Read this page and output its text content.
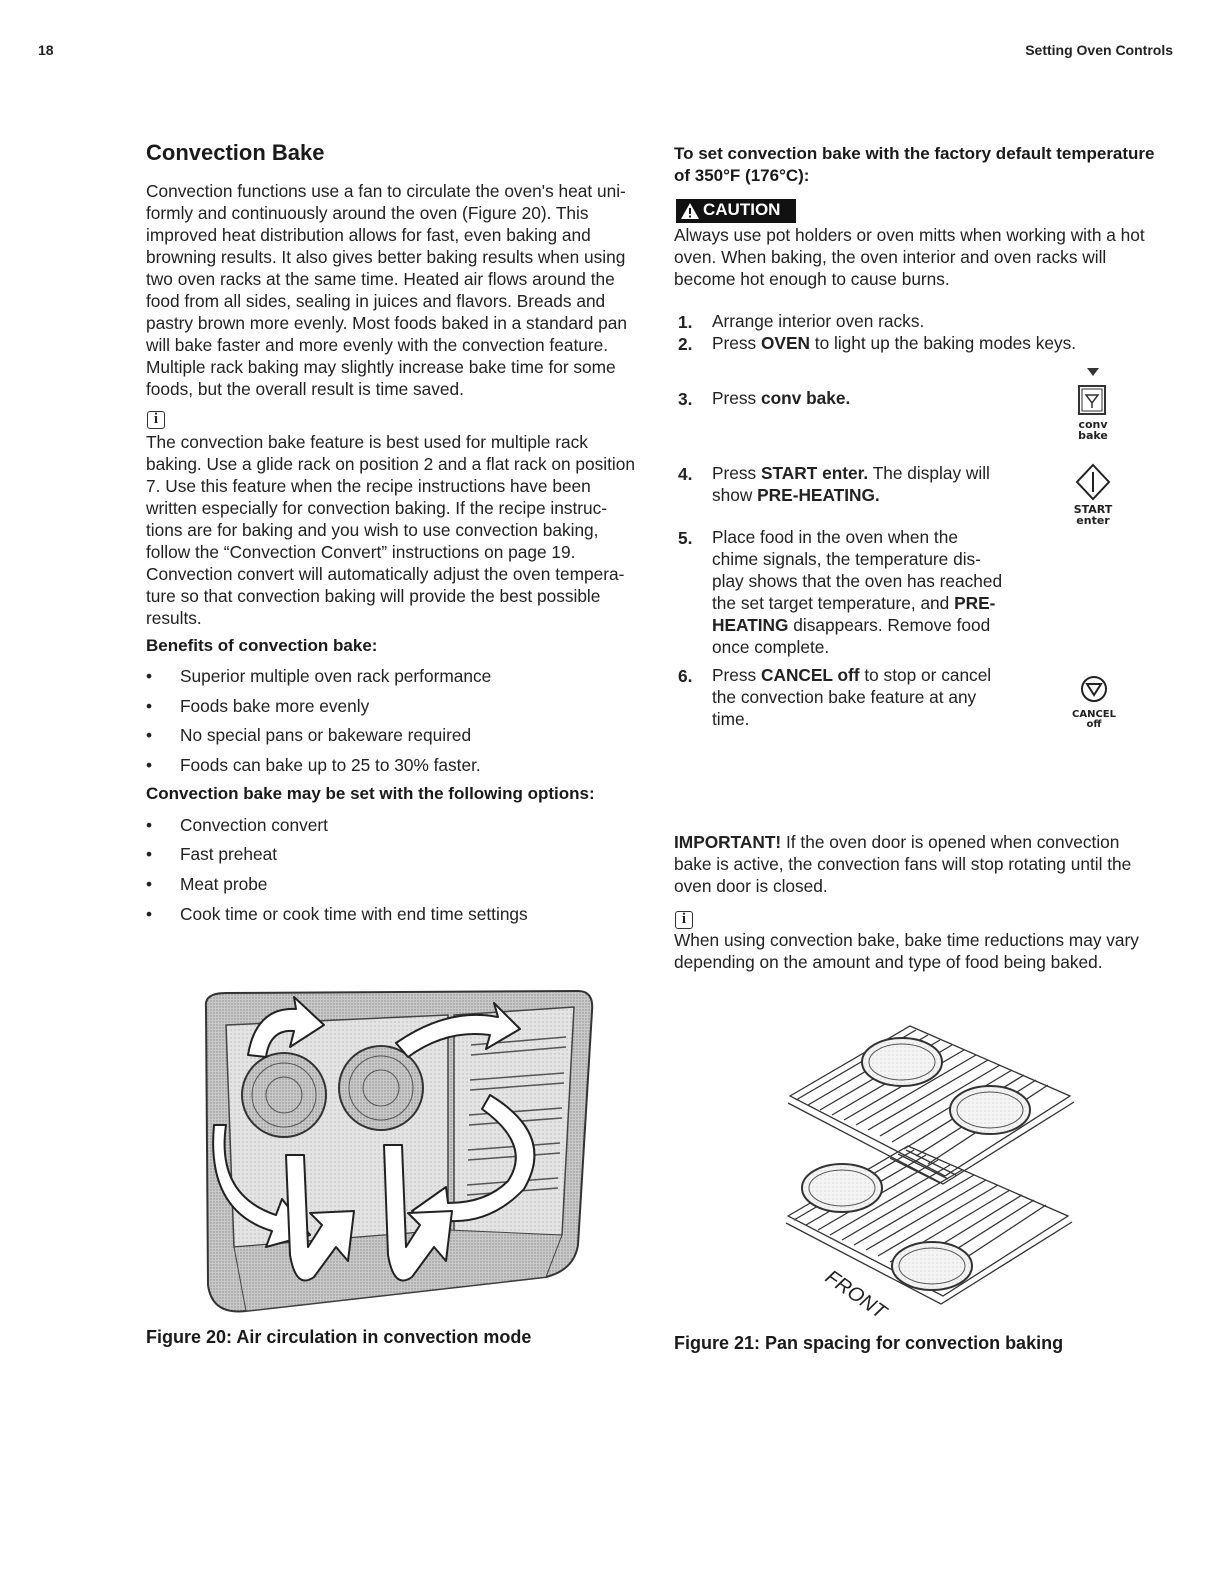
18	Setting Oven Controls
Convection Bake
Convection functions use a fan to circulate the oven's heat uni-
formly and continuously around the oven (Figure 20). This
improved heat distribution allows for fast, even baking and
browning results. It also gives better baking results when using
two oven racks at the same time. Heated air flows around the
food from all sides, sealing in juices and flavors. Breads and
pastry brown more evenly. Most foods baked in a standard pan
will bake faster and more evenly with the convection feature.
Multiple rack baking may slightly increase bake time for some
foods, but the overall result is time saved.
i
The convection bake feature is best used for multiple rack
baking. Use a glide rack on position 2 and a flat rack on position
7. Use this feature when the recipe instructions have been
written especially for convection baking. If the recipe instruc-
tions are for baking and you wish to use convection baking,
follow the “Convection Convert” instructions on page 19.
Convection convert will automatically adjust the oven tempera-
ture so that convection baking will provide the best possible
results.
Benefits of convection bake:
• Superior multiple oven rack performance
• Foods bake more evenly
• No special pans or bakeware required
• Foods can bake up to 25 to 30% faster.
Convection bake may be set with the following options:
• Convection convert
• Fast preheat
• Meat probe
• Cook time or cook time with end time settings
Figure 20: Air circulation in convection mode
To set convection bake with the factory default temperature
of 350°F (176°C):
CAUTION
Always use pot holders or oven mitts when working with a hot
oven. When baking, the oven interior and oven racks will
become hot enough to cause burns.
1. Arrange interior oven racks.
2. Press OVEN to light up the baking modes keys.
3. Press conv bake.
4. Press START enter. The display will
show PRE-HEATING.
5. Place food in the oven when the
chime signals, the temperature dis-
play shows that the oven has reached
the set target temperature, and PRE-
HEATING disappears. Remove food
once complete.
6. Press CANCEL off to stop or cancel
the convection bake feature at any
time.
conv
bake
START
enter
CANCEL
off
IMPORTANT! If the oven door is opened when convection
bake is active, the convection fans will stop rotating until the
oven door is closed.
i
When using convection bake, bake time reductions may vary
depending on the amount and type of food being baked.
FRONT
Figure 21: Pan spacing for convection baking
